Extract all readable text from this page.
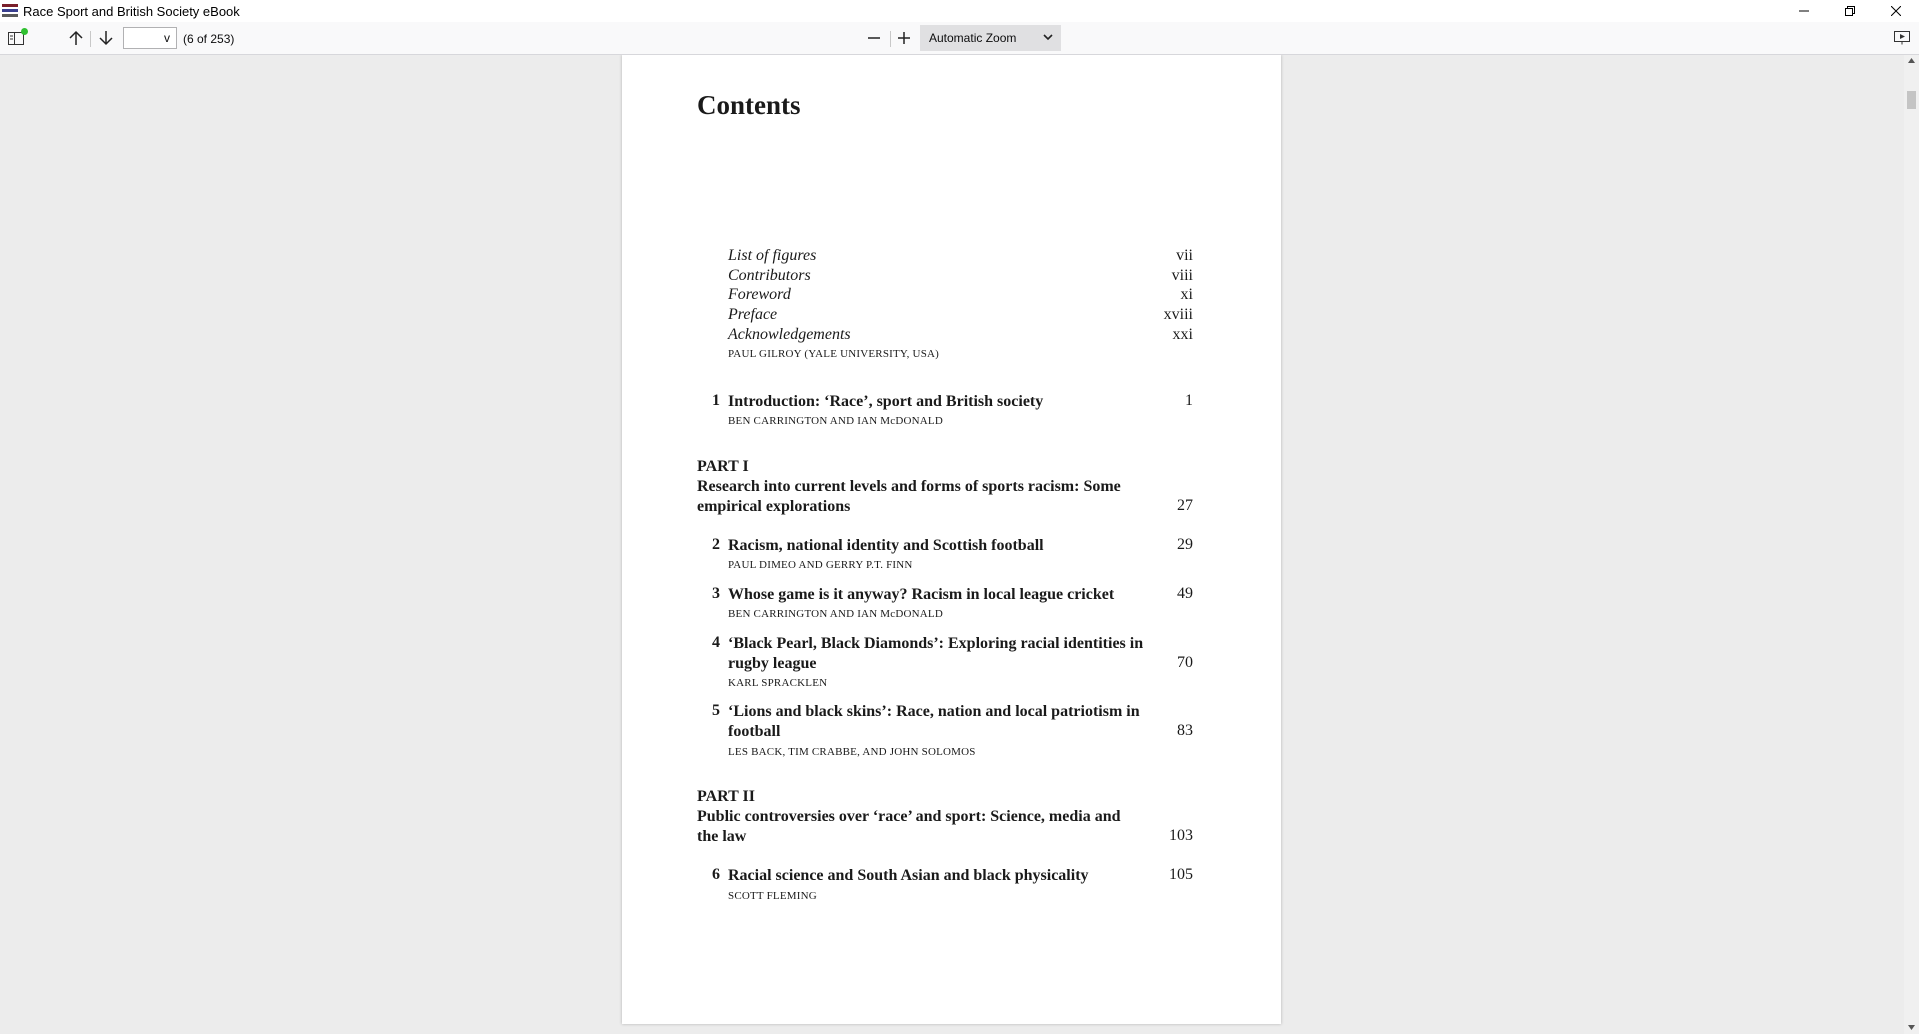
Race Sport and British Society eBook
v
(6 of 253)	Automatic Zoom
Contents
List of figures	vii
Contributors	viii
Foreword	xi
Preface	xviii
Acknowledgements	xxi
PAUL GILROY (YALE UNIVERSITY, USA)
1 Introduction: ‘Race’, sport and British society	1
BEN CARRINGTON AND IAN McDONALD
PART I
Research into current levels and forms of sports racism: Some empirical explorations	27
2 Racism, national identity and Scottish football	29
PAUL DIMEO AND GERRY P.T. FINN
3 Whose game is it anyway? Racism in local league cricket	49
BEN CARRINGTON AND IAN McDONALD
4 ‘Black Pearl, Black Diamonds’: Exploring racial identities in rugby league	70
KARL SPRACKLEN
5 ‘Lions and black skins’: Race, nation and local patriotism in football	83
LES BACK, TIM CRABBE, AND JOHN SOLOMOS
PART II
Public controversies over ‘race’ and sport: Science, media and the law	103
6 Racial science and South Asian and black physicality	105
SCOTT FLEMING
